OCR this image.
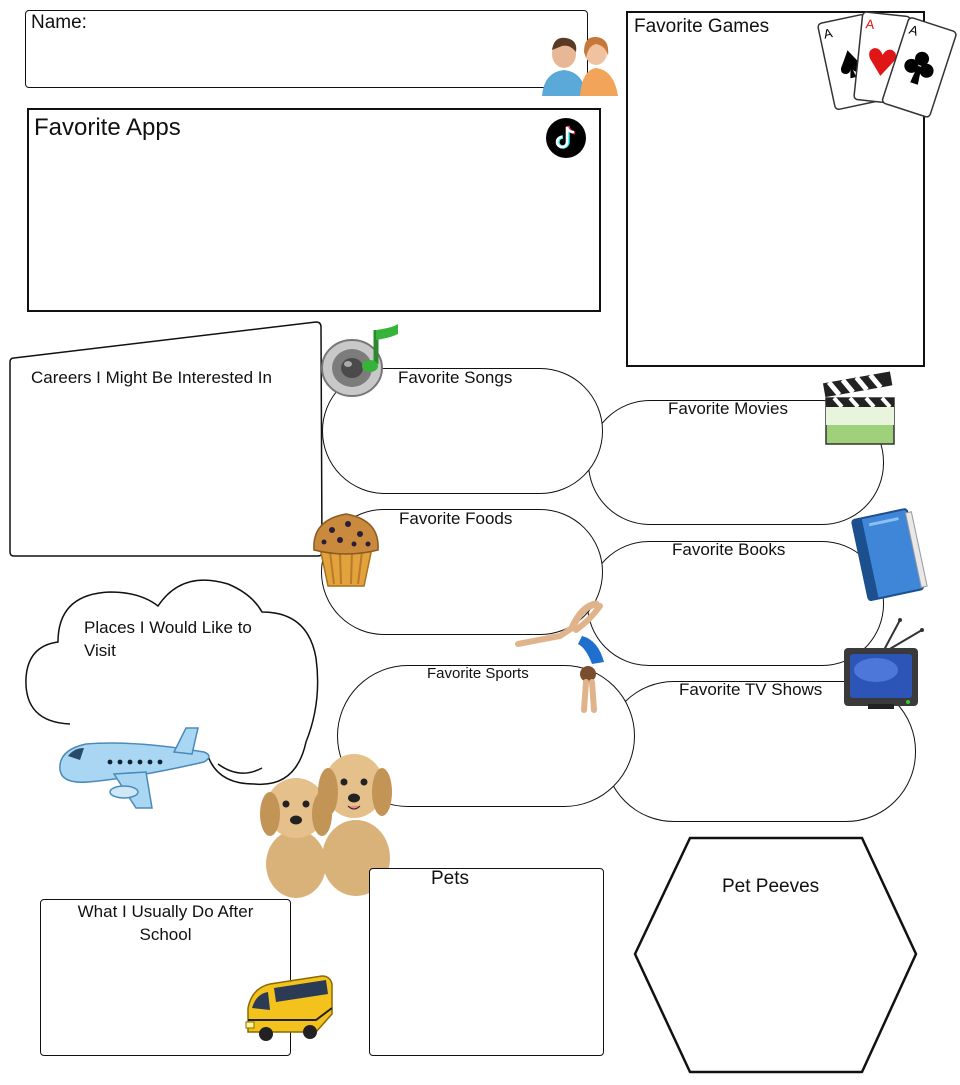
Name:
Favorite Apps
Favorite Games	A
A A
Careers I Might Be Interested In
Favorite Movies
Favorite Songs
Favorite Books
Favorite Foods
Favorite TV Shows
Favorite Sports
Places I Would Like to Visit
What I Usually Do After School
Pets	Pet Peeves
